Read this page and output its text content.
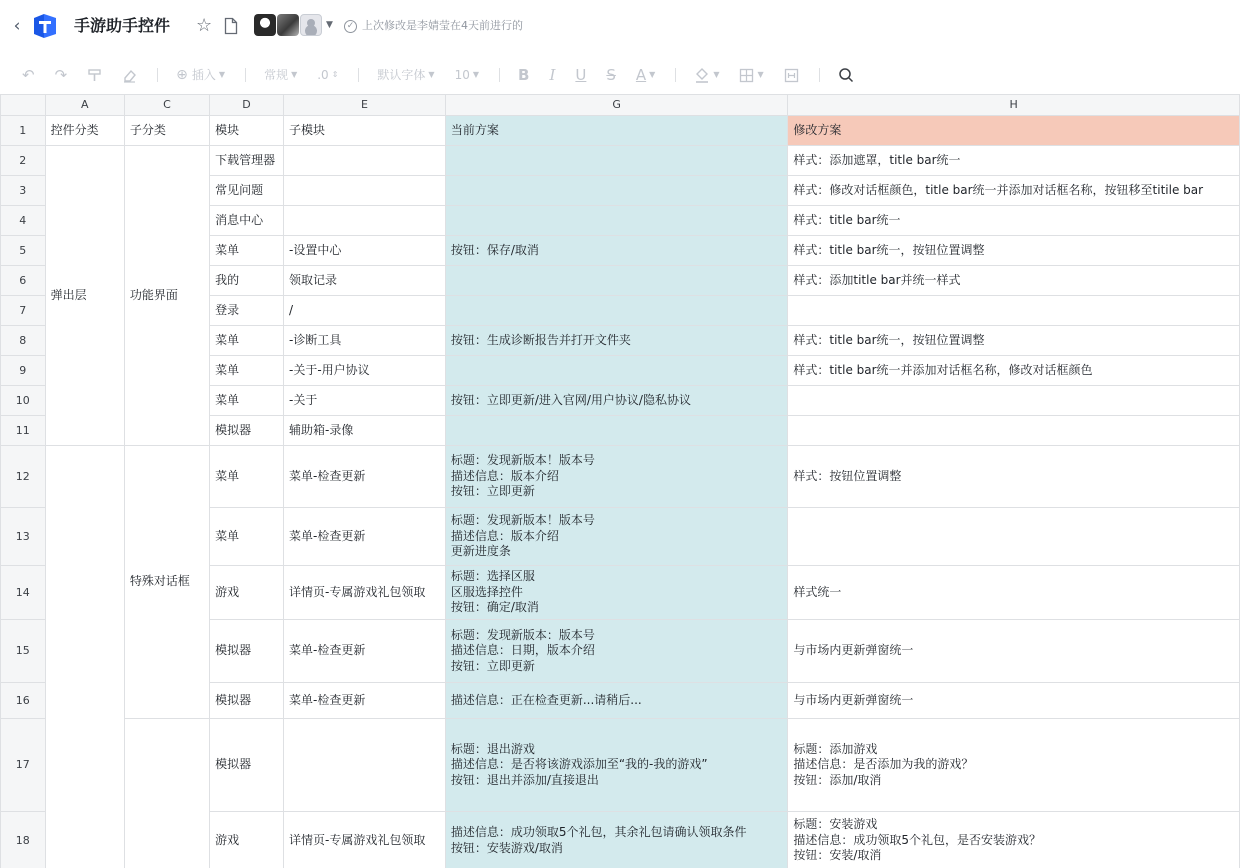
‹	手游助手控件 ☆	▼	✓ 上次修改是李婧莹在4天前进行的
↶ ↷	⊕ 插入 ▼	常规 ▼ .0 ⇕	默认字体 ▼ 10 ▼	B I U S A ▼	▼	▼
	A	C	D	E	G	H
1	控件分类	子分类	模块	子模块	当前方案	修改方案
2	弹出层	功能界面	下载管理器			样式：添加遮罩，title bar统一

3			常见问题			样式：修改对话框颜色，title bar统一并添加对话框名称，按钮移至titile bar

4			消息中心			样式：title bar统一

5			菜单	-设置中心	按钮：保存/取消	样式：title bar统一，按钮位置调整

6			我的	领取记录		样式：添加title bar并统一样式

7			登录	/		
8			菜单	-诊断工具	按钮：生成诊断报告并打开文件夹	样式：title bar统一，按钮位置调整

9			菜单	-关于-用户协议		样式：title bar统一并添加对话框名称，修改对话框颜色

10			菜单	-关于	按钮：立即更新/进入官网/用户协议/隐私协议	

11			模拟器	辅助箱-录像		
12		特殊对话框	菜单	菜单-检查更新	标题：发现新版本！版本号
描述信息：版本介绍
按钮：立即更新	样式：按钮位置调整

13			菜单	菜单-检查更新	标题：发现新版本！版本号
描述信息：版本介绍
更新进度条	

14			游戏	详情页-专属游戏礼包领取	标题：选择区服
区服选择控件
按钮：确定/取消	样式统一

15			模拟器	菜单-检查更新	标题：发现新版本：版本号
描述信息：日期，版本介绍
按钮：立即更新	与市场内更新弹窗统一

16			模拟器	菜单-检查更新	描述信息：正在检查更新...请稍后...	与市场内更新弹窗统一

17			模拟器		标题：退出游戏
描述信息：是否将该游戏添加至“我的-我的游戏”
按钮：退出并添加/直接退出	标题：添加游戏
描述信息：是否添加为我的游戏？
按钮：添加/取消

18			游戏	详情页-专属游戏礼包领取	描述信息：成功领取5个礼包，其余礼包请确认领取条件
按钮：安装游戏/取消	标题：安装游戏
描述信息：成功领取5个礼包，是否安装游戏？
按钮：安装/取消
